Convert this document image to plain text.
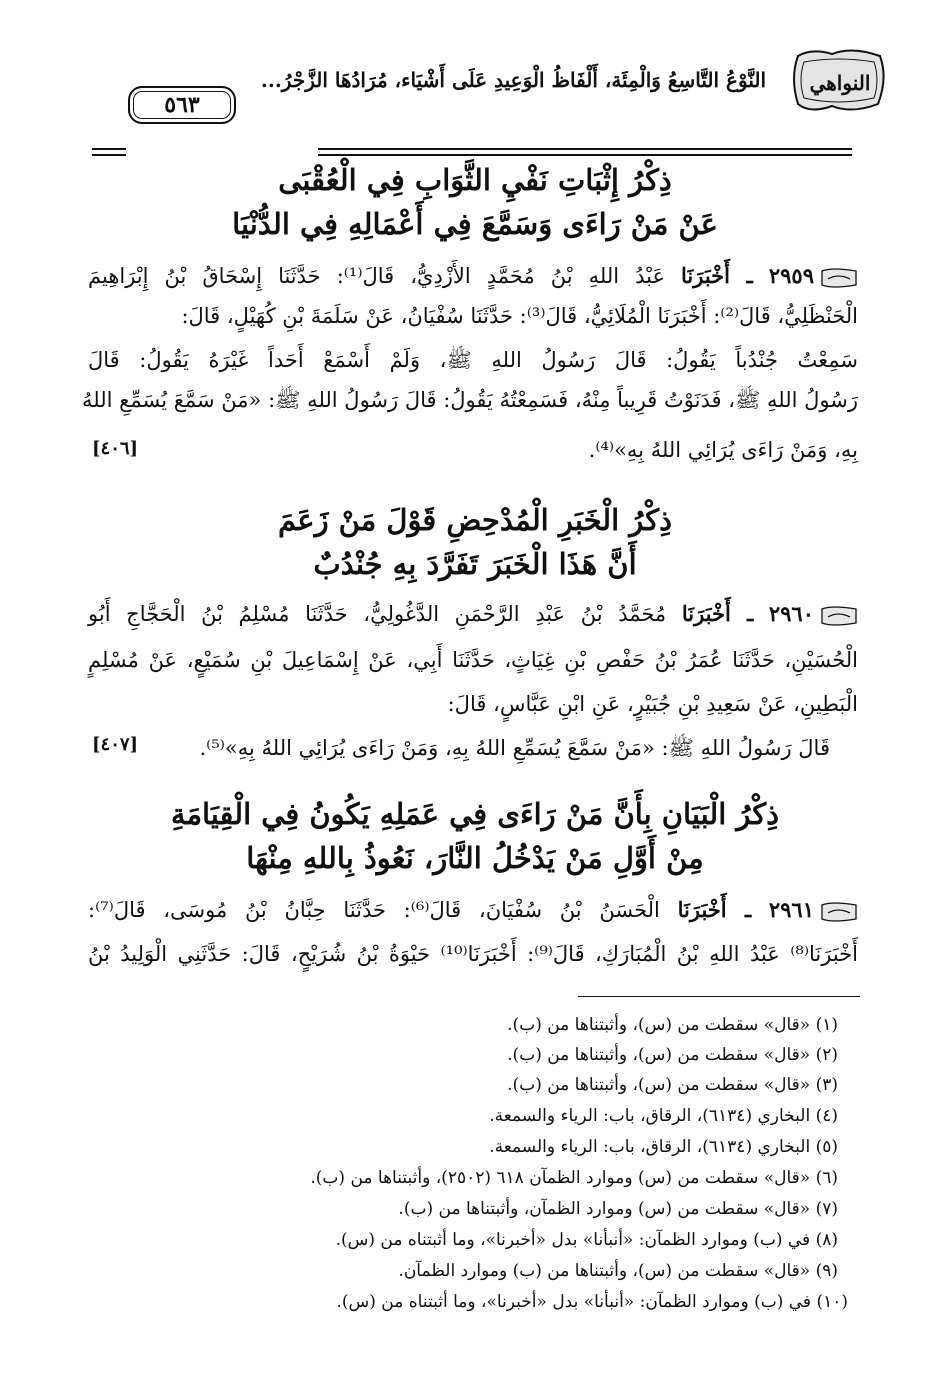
النواهي
النَّوْعُ التَّاسِعُ وَالْمِئَة، أَلْفَاظُ الْوَعِيدِ عَلَى أَشْيَاء، مُرَادُهَا الزَّجْرُ...
٥٦٣
ذِكْرُ إِثْبَاتِ نَفْيِ الثَّوَابِ فِي الْعُقْبَى
عَنْ مَنْ رَاءَى وَسَمَّعَ فِي أَعْمَالِهِ فِي الدُّنْيَا
٢٩٥٩ ـ أَخْبَرَنَا عَبْدُ اللهِ بْنُ مُحَمَّدٍ الأَزْدِيُّ، قَالَ⁽¹⁾: حَدَّثَنَا إِسْحَاقُ بْنُ إِبْرَاهِيمَ
الْحَنْظَلِيُّ، قَالَ⁽²⁾: أَخْبَرَنَا الْمُلَائِيُّ، قَالَ⁽³⁾: حَدَّثَنَا سُفْيَانُ، عَنْ سَلَمَةَ بْنِ كُهَيْلٍ، قَالَ:
سَمِعْتُ جُنْدُباً يَقُولُ: قَالَ رَسُولُ اللهِ ﷺ، وَلَمْ أَسْمَعْ أَحَداً غَيْرَهُ يَقُولُ: قَالَ
رَسُولُ اللهِ ﷺ، فَدَنَوْتُ قَرِيباً مِنْهُ، فَسَمِعْتُهُ يَقُولُ: قَالَ رَسُولُ اللهِ ﷺ: «مَنْ سَمَّعَ يُسَمِّعِ اللهُ
بِهِ، وَمَنْ رَاءَى يُرَائِي اللهُ بِهِ»⁽⁴⁾.
[٤٠٦]
ذِكْرُ الْخَبَرِ الْمُدْحِضِ قَوْلَ مَنْ زَعَمَ
أَنَّ هَذَا الْخَبَرَ تَفَرَّدَ بِهِ جُنْدُبٌ
٢٩٦٠ ـ أَخْبَرَنَا مُحَمَّدُ بْنُ عَبْدِ الرَّحْمَنِ الدَّغُولِيُّ، حَدَّثَنَا مُسْلِمُ بْنُ الْحَجَّاجِ أَبُو
الْحُسَيْنِ، حَدَّثَنَا عُمَرُ بْنُ حَفْصِ بْنِ غِيَاثٍ، حَدَّثَنَا أَبِي، عَنْ إِسْمَاعِيلَ بْنِ سُمَيْعٍ، عَنْ مُسْلِمٍ
الْبَطِينِ، عَنْ سَعِيدِ بْنِ جُبَيْرٍ، عَنِ ابْنِ عَبَّاسٍ، قَالَ:
قَالَ رَسُولُ اللهِ ﷺ: «مَنْ سَمَّعَ يُسَمِّعِ اللهُ بِهِ، وَمَنْ رَاءَى يُرَائِي اللهُ بِهِ»⁽⁵⁾.
[٤٠٧]
ذِكْرُ الْبَيَانِ بِأَنَّ مَنْ رَاءَى فِي عَمَلِهِ يَكُونُ فِي الْقِيَامَةِ
مِنْ أَوَّلِ مَنْ يَدْخُلُ النَّارَ، نَعُوذُ بِاللهِ مِنْهَا
٢٩٦١ ـ أَخْبَرَنَا الْحَسَنُ بْنُ سُفْيَانَ، قَالَ⁽⁶⁾: حَدَّثَنَا حِبَّانُ بْنُ مُوسَى، قَالَ⁽⁷⁾:
أَخْبَرَنَا⁽⁸⁾ عَبْدُ اللهِ بْنُ الْمُبَارَكِ، قَالَ⁽⁹⁾: أَخْبَرَنَا⁽¹⁰⁾ حَيْوَةُ بْنُ شُرَيْحٍ، قَالَ: حَدَّثَنِي الْوَلِيدُ بْنُ
(١) «قال» سقطت من (س)، وأثبتناها من (ب).
(٢) «قال» سقطت من (س)، وأثبتناها من (ب).
(٣) «قال» سقطت من (س)، وأثبتناها من (ب).
(٤) البخاري (٦١٣٤)، الرقاق، باب: الرياء والسمعة.
(٥) البخاري (٦١٣٤)، الرقاق، باب: الرياء والسمعة.
(٦) «قال» سقطت من (س) وموارد الظمآن ٦١٨ (٢٥٠٢)، وأثبتناها من (ب).
(٧) «قال» سقطت من (س) وموارد الظمآن، وأثبتناها من (ب).
(٨) في (ب) وموارد الظمآن: «أنبأنا» بدل «أخبرنا»، وما أثبتناه من (س).
(٩) «قال» سقطت من (س)، وأثبتناها من (ب) وموارد الظمآن.
(١٠) في (ب) وموارد الظمآن: «أنبأنا» بدل «أخبرنا»، وما أثبتناه من (س).
